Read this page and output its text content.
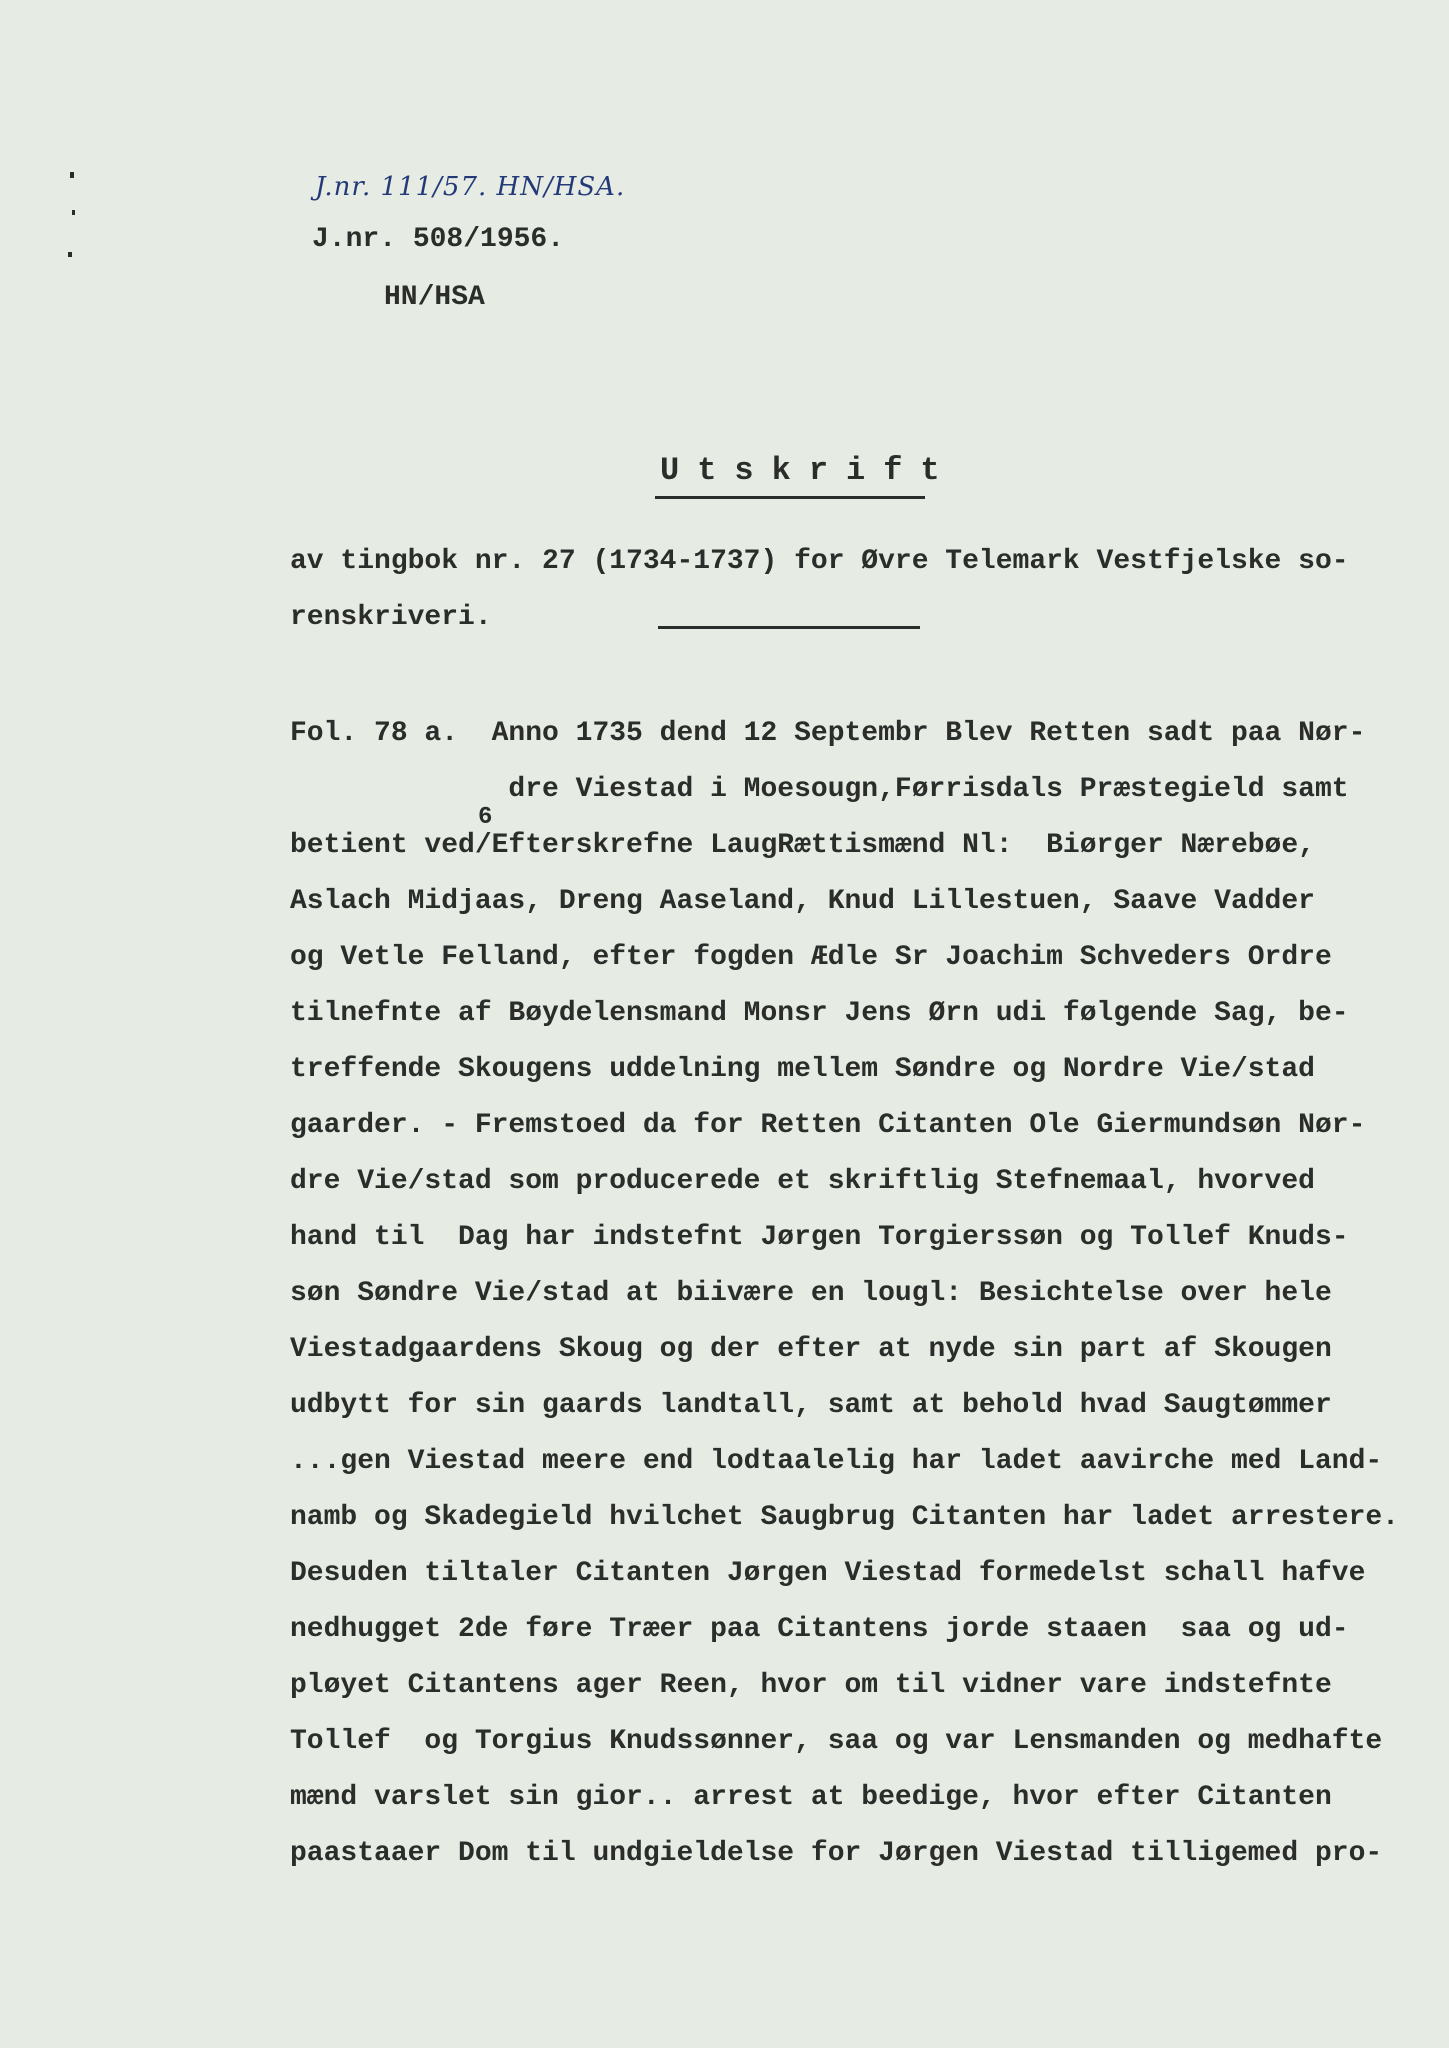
J.nr. 111/57. HN/HSA.
J.nr. 508/1956.
HN/HSA
Utskrift
av tingbok nr. 27 (1734-1737) for Øvre Telemark Vestfjelske so-
renskriveri.
6
Fol. 78 a.  Anno 1735 dend 12 Septembr Blev Retten sadt paa Nør-
dre Viestad i Moesougn,Førrisdals Præstegield samt
betient ved/Efterskrefne LaugRættismænd Nl:  Biørger Nærebøe,
Aslach Midjaas, Dreng Aaseland, Knud Lillestuen, Saave Vadder
og Vetle Felland, efter fogden Ædle Sr Joachim Schveders Ordre
tilnefnte af Bøydelensmand Monsr Jens Ørn udi følgende Sag, be-
treffende Skougens uddelning mellem Søndre og Nordre Vie/stad
gaarder. - Fremstoed da for Retten Citanten Ole Giermundsøn Nør-
dre Vie/stad som producerede et skriftlig Stefnemaal, hvorved
hand til  Dag har indstefnt Jørgen Torgierssøn og Tollef Knuds-
søn Søndre Vie/stad at biivære en lougl: Besichtelse over hele
Viestadgaardens Skoug og der efter at nyde sin part af Skougen
udbytt for sin gaards landtall, samt at behold hvad Saugtømmer
...gen Viestad meere end lodtaalelig har ladet aavirche med Land-
namb og Skadegield hvilchet Saugbrug Citanten har ladet arrestere.
Desuden tiltaler Citanten Jørgen Viestad formedelst schall hafve
nedhugget 2de føre Træer paa Citantens jorde staaen  saa og ud-
pløyet Citantens ager Reen, hvor om til vidner vare indstefnte
Tollef  og Torgius Knudssønner, saa og var Lensmanden og medhafte
mænd varslet sin gior.. arrest at beedige, hvor efter Citanten
paastaaer Dom til undgieldelse for Jørgen Viestad tilligemed pro-
